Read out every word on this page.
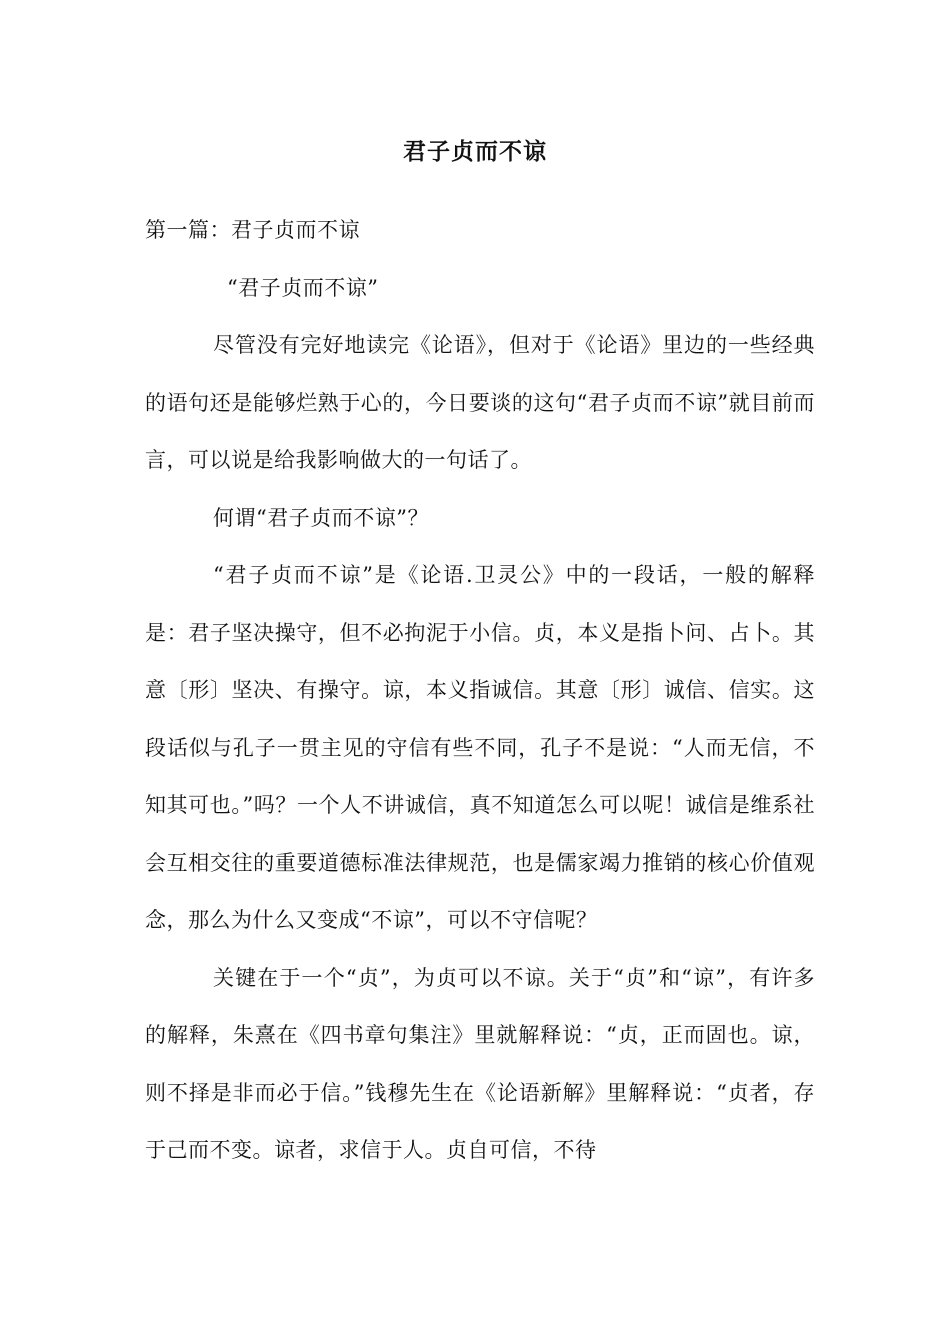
君子贞而不谅

第一篇：君子贞而不谅

“君子贞而不谅”

尽管没有完好地读完《论语》，但对于《论语》里边的一些经典的语句还是能够烂熟于心的，今日要谈的这句“君子贞而不谅”就目前而言，可以说是给我影响做大的一句话了。

何谓“君子贞而不谅”？

“君子贞而不谅”是《论语.卫灵公》中的一段话，一般的解释是：君子坚决操守，但不必拘泥于小信。贞，本义是指卜问、占卜。其意〔形〕坚决、有操守。谅，本义指诚信。其意〔形〕诚信、信实。这段话似与孔子一贯主见的守信有些不同，孔子不是说：“人而无信，不知其可也。”吗？一个人不讲诚信，真不知道怎么可以呢！诚信是维系社会互相交往的重要道德标准法律规范，也是儒家竭力推销的核心价值观念，那么为什么又变成“不谅”，可以不守信呢？

关键在于一个“贞”，为贞可以不谅。关于“贞”和“谅”，有许多的解释，朱熹在《四书章句集注》里就解释说：“贞，正而固也。谅，则不择是非而必于信。”钱穆先生在《论语新解》里解释说：“贞者，存于己而不变。谅者，求信于人。贞自可信，不待
